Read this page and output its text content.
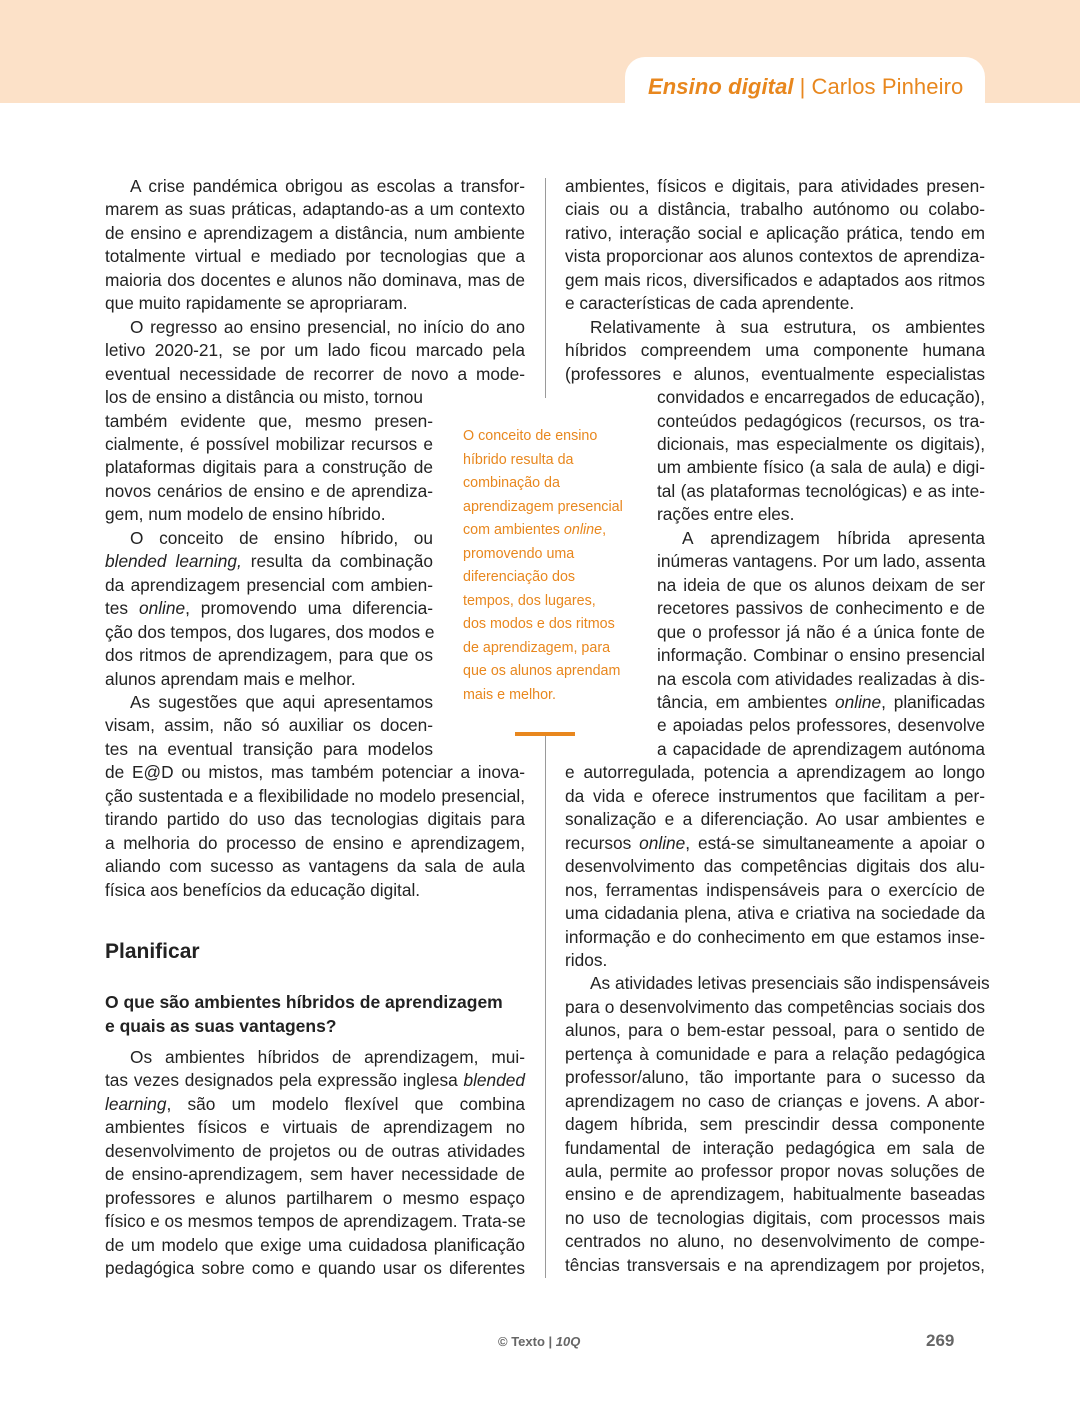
Ensino digital | Carlos Pinheiro
A crise pandémica obrigou as escolas a transfor-
marem as suas práticas, adaptando-as a um contexto
de ensino e aprendizagem a distância, num ambiente
totalmente virtual e mediado por tecnologias que a
maioria dos docentes e alunos não dominava, mas de
que muito rapidamente se apropriaram.
O regresso ao ensino presencial, no início do ano
letivo 2020-21, se por um lado ficou marcado pela
eventual necessidade de recorrer de novo a mode-
los de ensino a distância ou misto, tornou
também evidente que, mesmo presen-
cialmente, é possível mobilizar recursos e
plataformas digitais para a construção de
novos cenários de ensino e de aprendiza-
gem, num modelo de ensino híbrido.
O conceito de ensino híbrido, ou
blended learning, resulta da combinação
da aprendizagem presencial com ambien-
tes online, promovendo uma diferencia-
ção dos tempos, dos lugares, dos modos e
dos ritmos de aprendizagem, para que os
alunos aprendam mais e melhor.
As sugestões que aqui apresentamos
visam, assim, não só auxiliar os docen-
tes na eventual transição para modelos
de E@D ou mistos, mas também potenciar a inova-
ção sustentada e a flexibilidade no modelo presencial,
tirando partido do uso das tecnologias digitais para
a melhoria do processo de ensino e aprendizagem,
aliando com sucesso as vantagens da sala de aula
física aos benefícios da educação digital.
Planificar
O que são ambientes híbridos de aprendizagem
e quais as suas vantagens?
Os ambientes híbridos de aprendizagem, mui-
tas vezes designados pela expressão inglesa blended
learning, são um modelo flexível que combina
ambientes físicos e virtuais de aprendizagem no
desenvolvimento de projetos ou de outras atividades
de ensino-aprendizagem, sem haver necessidade de
professores e alunos partilharem o mesmo espaço
físico e os mesmos tempos de aprendizagem. Trata-se
de um modelo que exige uma cuidadosa planificação
pedagógica sobre como e quando usar os diferentes
O conceito de ensino
híbrido resulta da
combinação da
aprendizagem presencial
com ambientes online,
promovendo uma
diferenciação dos
tempos, dos lugares,
dos modos e dos ritmos
de aprendizagem, para
que os alunos aprendam
mais e melhor.
ambientes, físicos e digitais, para atividades presen-
ciais ou a distância, trabalho autónomo ou colabo-
rativo, interação social e aplicação prática, tendo em
vista proporcionar aos alunos contextos de aprendiza-
gem mais ricos, diversificados e adaptados aos ritmos
e características de cada aprendente.
Relativamente à sua estrutura, os ambientes
híbridos compreendem uma componente humana
(professores e alunos, eventualmente especialistas
convidados e encarregados de educação),
conteúdos pedagógicos (recursos, os tra-
dicionais, mas especialmente os digitais),
um ambiente físico (a sala de aula) e digi-
tal (as plataformas tecnológicas) e as inte-
rações entre eles.
A aprendizagem híbrida apresenta
inúmeras vantagens. Por um lado, assenta
na ideia de que os alunos deixam de ser
recetores passivos de conhecimento e de
que o professor já não é a única fonte de
informação. Combinar o ensino presencial
na escola com atividades realizadas à dis-
tância, em ambientes online, planificadas
e apoiadas pelos professores, desenvolve
a capacidade de aprendizagem autónoma
e autorregulada, potencia a aprendizagem ao longo
da vida e oferece instrumentos que facilitam a per-
sonalização e a diferenciação. Ao usar ambientes e
recursos online, está-se simultaneamente a apoiar o
desenvolvimento das competências digitais dos alu-
nos, ferramentas indispensáveis para o exercício de
uma cidadania plena, ativa e criativa na sociedade da
informação e do conhecimento em que estamos inse-
ridos.
As atividades letivas presenciais são indispensáveis
para o desenvolvimento das competências sociais dos
alunos, para o bem-estar pessoal, para o sentido de
pertença à comunidade e para a relação pedagógica
professor/aluno, tão importante para o sucesso da
aprendizagem no caso de crianças e jovens. A abor-
dagem híbrida, sem prescindir dessa componente
fundamental de interação pedagógica em sala de
aula, permite ao professor propor novas soluções de
ensino e de aprendizagem, habitualmente baseadas
no uso de tecnologias digitais, com processos mais
centrados no aluno, no desenvolvimento de compe-
tências transversais e na aprendizagem por projetos,
© Texto | 10Q	269
